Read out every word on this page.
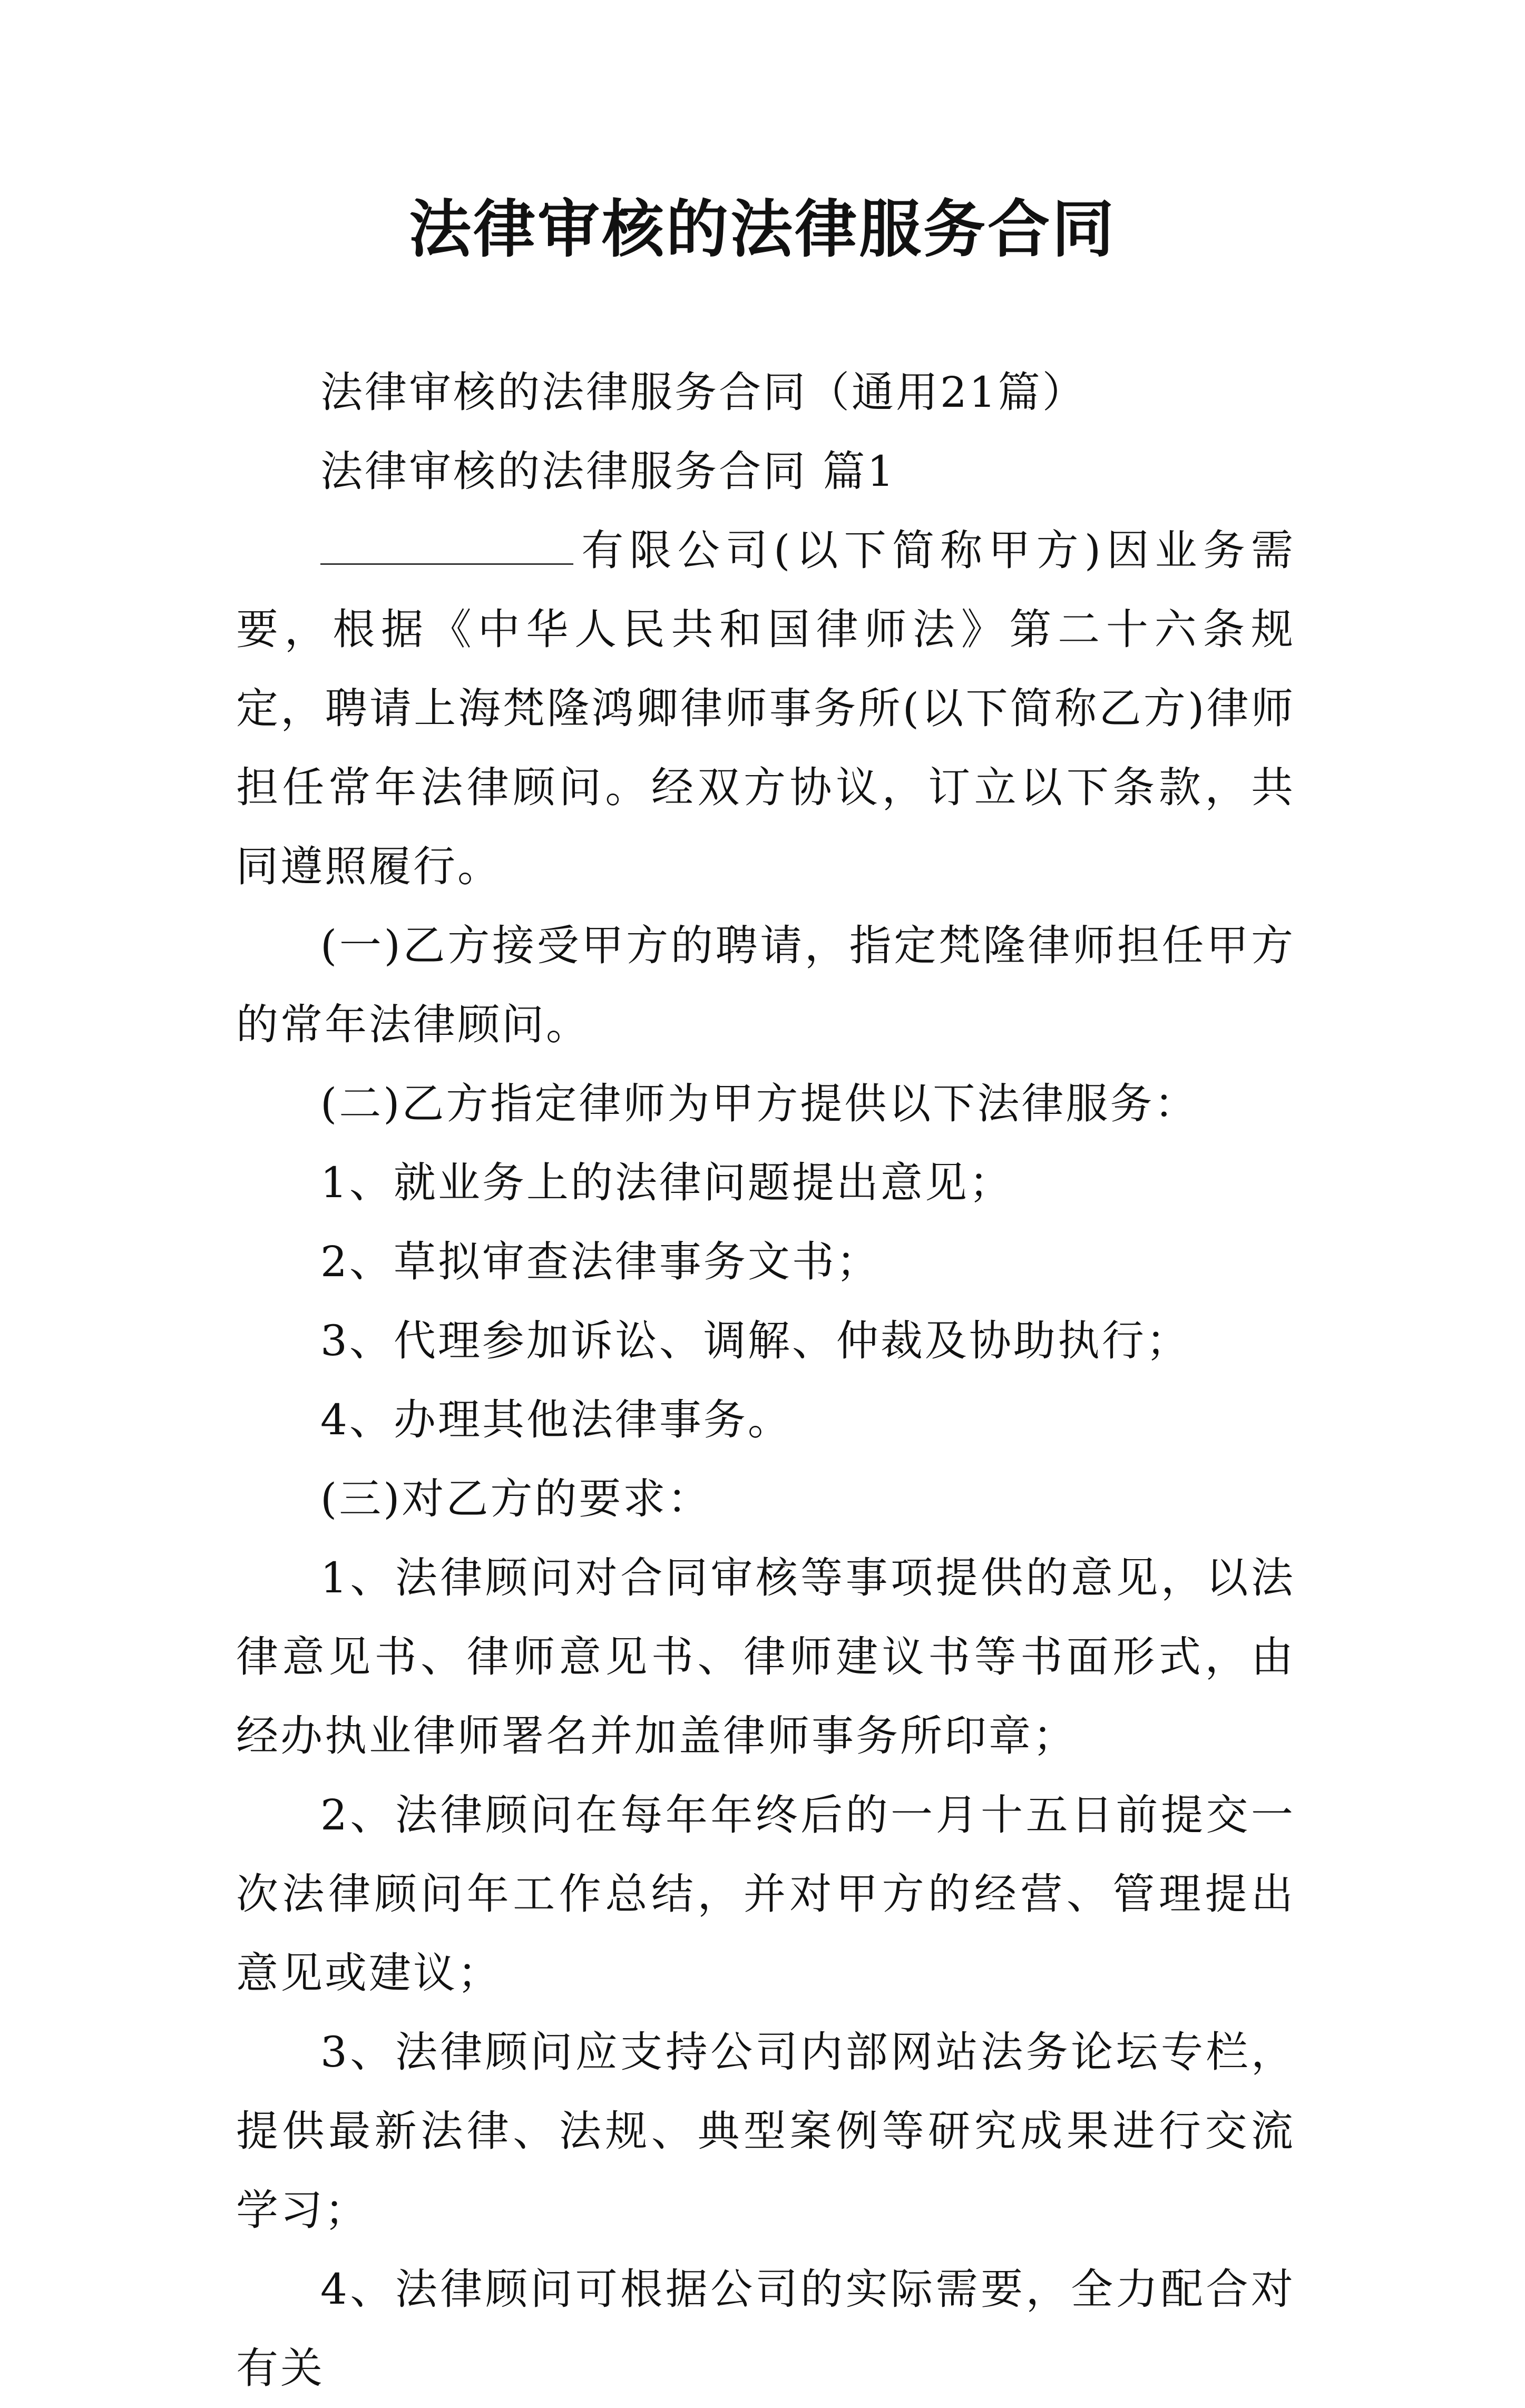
法律审核的法律服务合同

法律审核的法律服务合同（通用21篇）

法律审核的法律服务合同 篇1

有限公司(以下简称甲方)因业务需要，根据《中华人民共和国律师法》第二十六条规定，聘请上海梵隆鸿卿律师事务所(以下简称乙方)律师担任常年法律顾问。经双方协议，订立以下条款，共同遵照履行。

(一)乙方接受甲方的聘请，指定梵隆律师担任甲方的常年法律顾问。

(二)乙方指定律师为甲方提供以下法律服务：

1、就业务上的法律问题提出意见；

2、草拟审查法律事务文书；

3、代理参加诉讼、调解、仲裁及协助执行；

4、办理其他法律事务。

(三)对乙方的要求：

1、法律顾问对合同审核等事项提供的意见，以法律意见书、律师意见书、律师建议书等书面形式，由经办执业律师署名并加盖律师事务所印章；

2、法律顾问在每年年终后的一月十五日前提交一次法律顾问年工作总结，并对甲方的经营、管理提出意见或建议；

3、法律顾问应支持公司内部网站法务论坛专栏，提供最新法律、法规、典型案例等研究成果进行交流学习；

4、法律顾问可根据公司的实际需要，全力配合对有关
